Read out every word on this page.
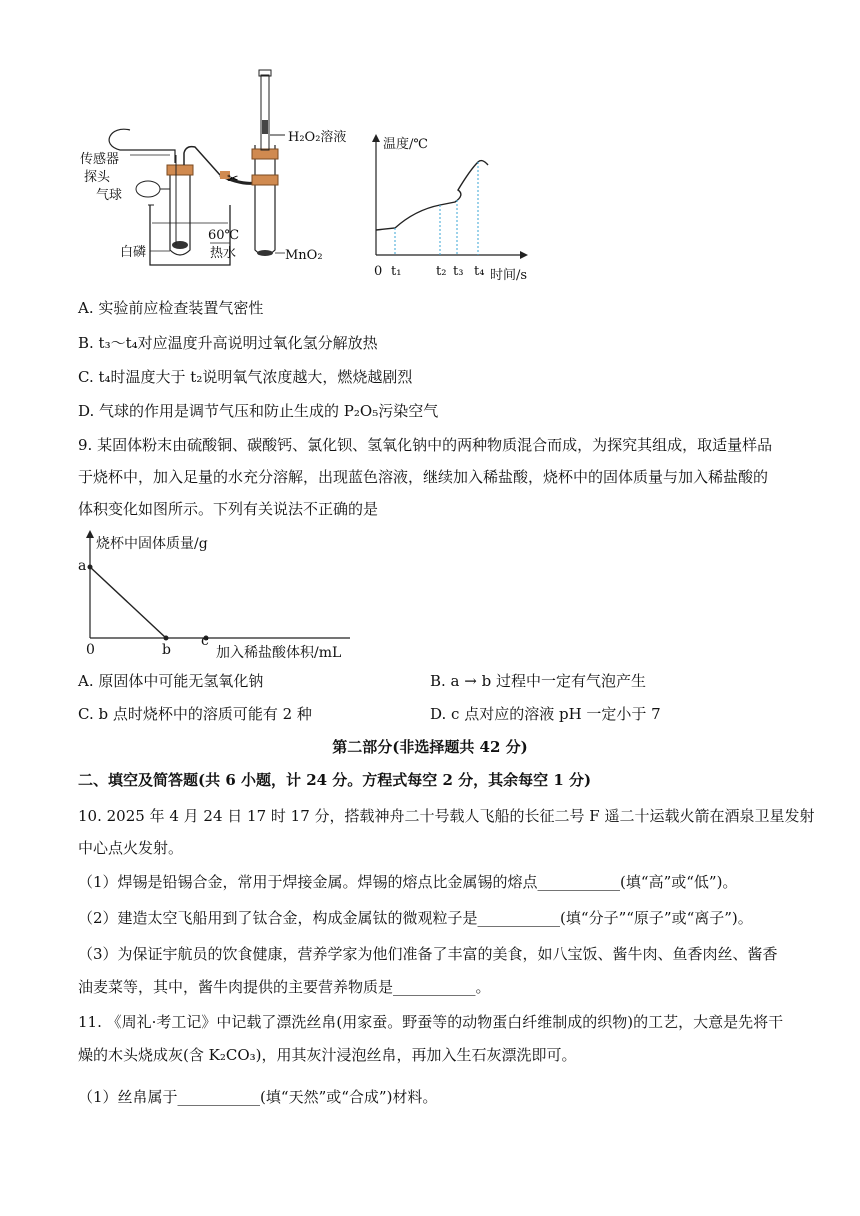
✂
传感器
探头
气球
白磷
60℃
热水
H₂O₂溶液
MnO₂
温度/℃
0 t₁	t₂ t₃ t₄ 时间/s
A. 实验前应检查装置气密性
B. t₃～t₄对应温度升高说明过氧化氢分解放热
C. t₄时温度大于 t₂说明氧气浓度越大，燃烧越剧烈
D. 气球的作用是调节气压和防止生成的 P₂O₅污染空气
9. 某固体粉末由硫酸铜、碳酸钙、氯化钡、氢氧化钠中的两种物质混合而成，为探究其组成，取适量样品
于烧杯中，加入足量的水充分溶解，出现蓝色溶液，继续加入稀盐酸，烧杯中的固体质量与加入稀盐酸的
体积变化如图所示。下列有关说法不正确的是
烧杯中固体质量/g
a
0	b
c
加入稀盐酸体积/mL
A. 原固体中可能无氢氧化钠	B. a → b 过程中一定有气泡产生
C. b 点时烧杯中的溶质可能有 2 种	D. c 点对应的溶液 pH 一定小于 7
第二部分(非选择题共 42 分)
二、填空及简答题(共 6 小题，计 24 分。方程式每空 2 分，其余每空 1 分)
10. 2025 年 4 月 24 日 17 时 17 分，搭载神舟二十号载人飞船的长征二号 F 遥二十运载火箭在酒泉卫星发射
中心点火发射。
（1）焊锡是铅锡合金，常用于焊接金属。焊锡的熔点比金属锡的熔点___________(填“高”或“低”)。
（2）建造太空飞船用到了钛合金，构成金属钛的微观粒子是___________(填“分子”“原子”或“离子”)。
（3）为保证宇航员的饮食健康，营养学家为他们准备了丰富的美食，如八宝饭、酱牛肉、鱼香肉丝、酱香
油麦菜等，其中，酱牛肉提供的主要营养物质是___________。
11. 《周礼·考工记》中记载了漂洗丝帛(用家蚕。野蚕等的动物蛋白纤维制成的织物)的工艺，大意是先将干
燥的木头烧成灰(含 K₂CO₃)，用其灰汁浸泡丝帛，再加入生石灰漂洗即可。
（1）丝帛属于___________(填“天然”或“合成”)材料。
